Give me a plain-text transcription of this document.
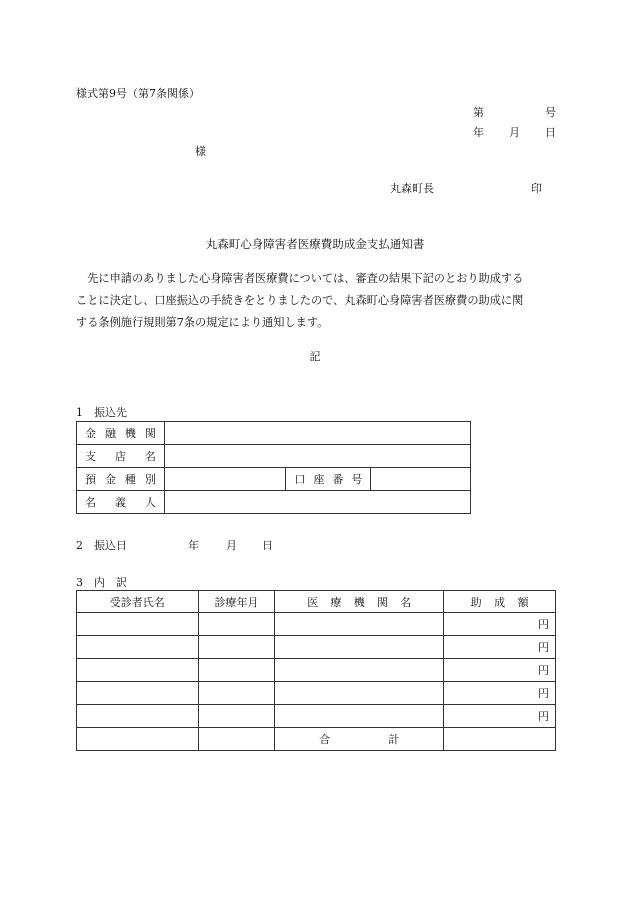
様式第9号（第7条関係）
第	号
年 月 日
様
丸森町長	印
丸森町心身障害者医療費助成金支払通知書

　先に申請のありました心身障害者医療費については、審査の結果下記のとおり助成する

ことに決定し、口座振込の手続きをとりましたので、丸森町心身障害者医療費の助成に関

する条例施行規則第7条の規定により通知します。

記
1　振込先
金 融 機 関			

支 店 名			

預 金 種 別		口 座 番 号	

名 義 人			

2　振込日	年 月 日
3　内　訳
受診者氏名	診療年月	医 療 機 関 名	助 成 額

			円
			円
			円
			円
			円

		合 計	
